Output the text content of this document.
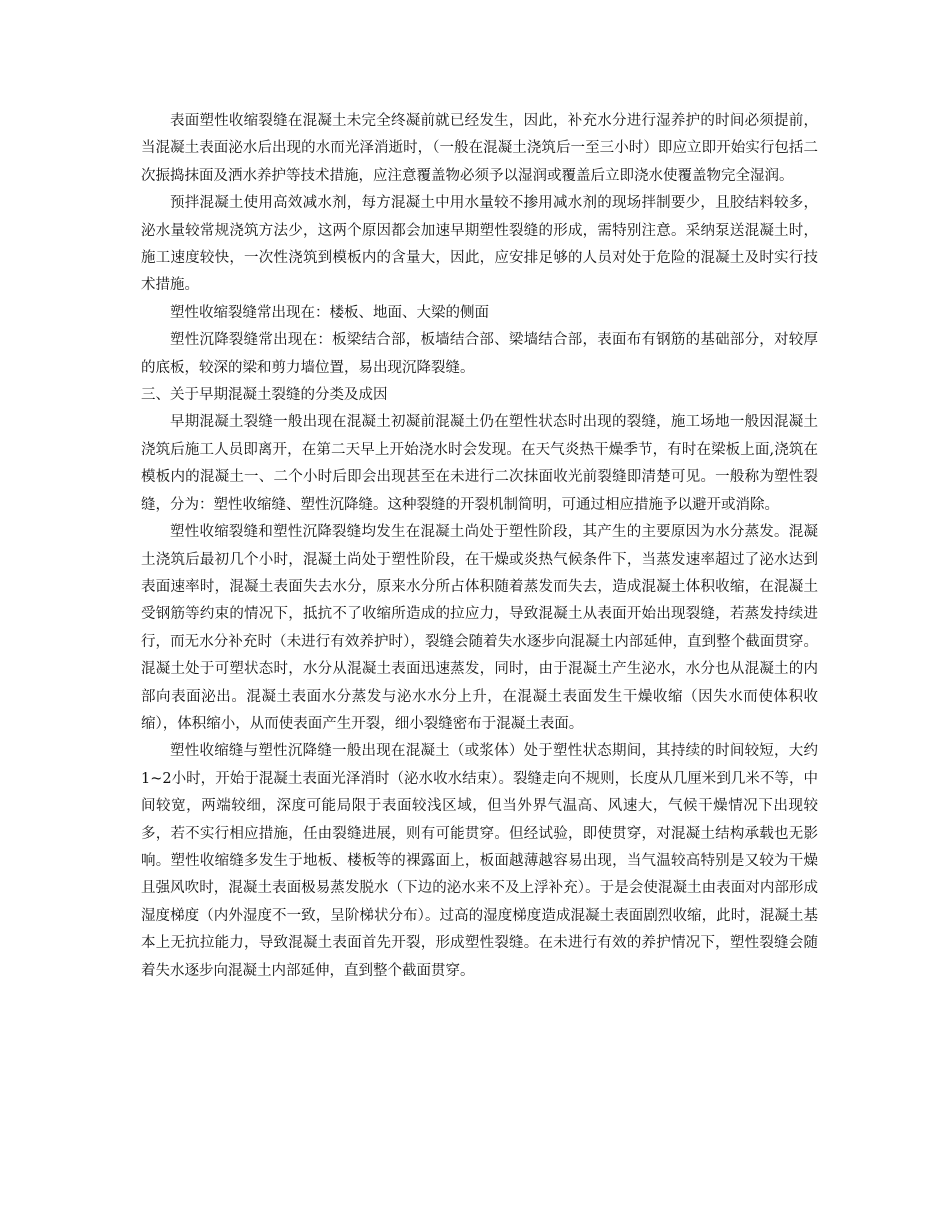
表面塑性收缩裂缝在混凝土未完全终凝前就已经发生，因此，补充水分进行湿养护的时间必须提前，当混凝土表面泌水后出现的水而光泽消逝时，（一般在混凝土浇筑后一至三小时）即应立即开始实行包括二次振捣抹面及洒水养护等技术措施，应注意覆盖物必须予以湿润或覆盖后立即浇水使覆盖物完全湿润。

预拌混凝土使用高效减水剂，每方混凝土中用水量较不掺用减水剂的现场拌制要少，且胶结料较多，泌水量较常规浇筑方法少，这两个原因都会加速早期塑性裂缝的形成，需特别注意。采纳泵送混凝土时，施工速度较快，一次性浇筑到模板内的含量大，因此，应安排足够的人员对处于危险的混凝土及时实行技术措施。

塑性收缩裂缝常出现在：楼板、地面、大梁的侧面

塑性沉降裂缝常出现在：板梁结合部，板墙结合部、梁墙结合部，表面布有钢筋的基础部分，对较厚的底板，较深的梁和剪力墙位置，易出现沉降裂缝。

三、关于早期混凝土裂缝的分类及成因

早期混凝土裂缝一般出现在混凝土初凝前混凝土仍在塑性状态时出现的裂缝，施工场地一般因混凝土浇筑后施工人员即离开，在第二天早上开始浇水时会发现。在天气炎热干燥季节，有时在梁板上面,浇筑在模板内的混凝土一、二个小时后即会出现甚至在未进行二次抹面收光前裂缝即清楚可见。一般称为塑性裂缝，分为：塑性收缩缝、塑性沉降缝。这种裂缝的开裂机制简明，可通过相应措施予以避开或消除。

塑性收缩裂缝和塑性沉降裂缝均发生在混凝土尚处于塑性阶段，其产生的主要原因为水分蒸发。混凝土浇筑后最初几个小时，混凝土尚处于塑性阶段，在干燥或炎热气候条件下，当蒸发速率超过了泌水达到表面速率时，混凝土表面失去水分，原来水分所占体积随着蒸发而失去，造成混凝土体积收缩，在混凝土受钢筋等约束的情况下，抵抗不了收缩所造成的拉应力，导致混凝土从表面开始出现裂缝，若蒸发持续进行，而无水分补充时（未进行有效养护时），裂缝会随着失水逐步向混凝土内部延伸，直到整个截面贯穿。混凝土处于可塑状态时，水分从混凝土表面迅速蒸发，同时，由于混凝土产生泌水，水分也从混凝土的内部向表面泌出。混凝土表面水分蒸发与泌水水分上升，在混凝土表面发生干燥收缩（因失水而使体积收缩），体积缩小，从而使表面产生开裂，细小裂缝密布于混凝土表面。

塑性收缩缝与塑性沉降缝一般出现在混凝土（或浆体）处于塑性状态期间，其持续的时间较短，大约1~2小时，开始于混凝土表面光泽消时（泌水收水结束）。裂缝走向不规则，长度从几厘米到几米不等，中间较宽，两端较细，深度可能局限于表面较浅区域，但当外界气温高、风速大，气候干燥情况下出现较多，若不实行相应措施，任由裂缝进展，则有可能贯穿。但经试验，即使贯穿，对混凝土结构承载也无影响。塑性收缩缝多发生于地板、楼板等的裸露面上，板面越薄越容易出现，当气温较高特别是又较为干燥且强风吹时，混凝土表面极易蒸发脱水（下边的泌水来不及上浮补充）。于是会使混凝土由表面对内部形成湿度梯度（内外湿度不一致，呈阶梯状分布）。过高的湿度梯度造成混凝土表面剧烈收缩，此时，混凝土基本上无抗拉能力，导致混凝土表面首先开裂，形成塑性裂缝。在未进行有效的养护情况下，塑性裂缝会随着失水逐步向混凝土内部延伸，直到整个截面贯穿。
